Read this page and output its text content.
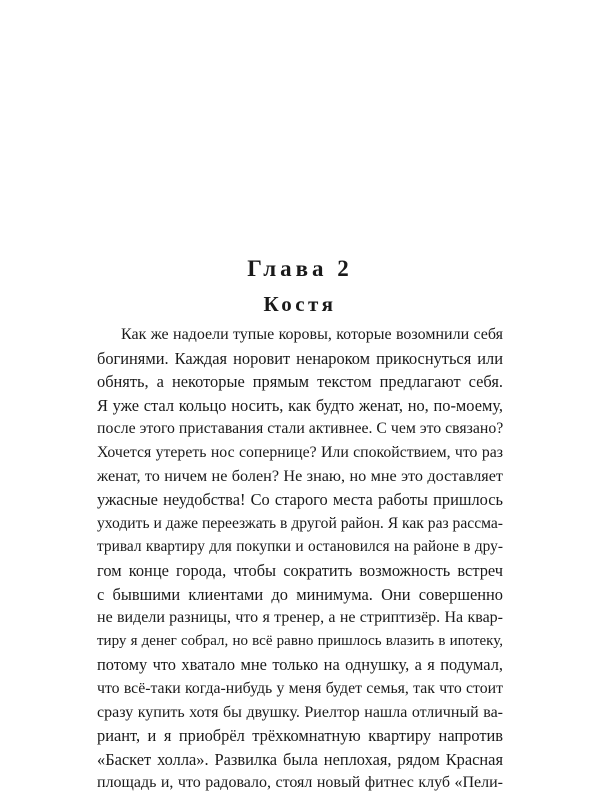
Глава 2
Костя
Как же надоели тупые коровы, которые возомнили себя
богинями. Каждая норовит ненароком прикоснуться или
обнять, а некоторые прямым текстом предлагают себя.
Я уже стал кольцо носить, как будто женат, но, по-моему,
после этого приставания стали активнее. С чем это связано?
Хочется утереть нос сопернице? Или спокойствием, что раз
женат, то ничем не болен? Не знаю, но мне это доставляет
ужасные неудобства! Со старого места работы пришлось
уходить и даже переезжать в другой район. Я как раз рассма-
тривал квартиру для покупки и остановился на районе в дру-
гом конце города, чтобы сократить возможность встреч
с бывшими клиентами до минимума. Они совершенно
не видели разницы, что я тренер, а не стриптизёр. На квар-
тиру я денег собрал, но всё равно пришлось влазить в ипотеку,
потому что хватало мне только на однушку, а я подумал,
что всё-таки когда-нибудь у меня будет семья, так что стоит
сразу купить хотя бы двушку. Риелтор нашла отличный ва-
риант, и я приобрёл трёхкомнатную квартиру напротив
«Баскет холла». Развилка была неплохая, рядом Красная
площадь и, что радовало, стоял новый фитнес клуб «Пели-
